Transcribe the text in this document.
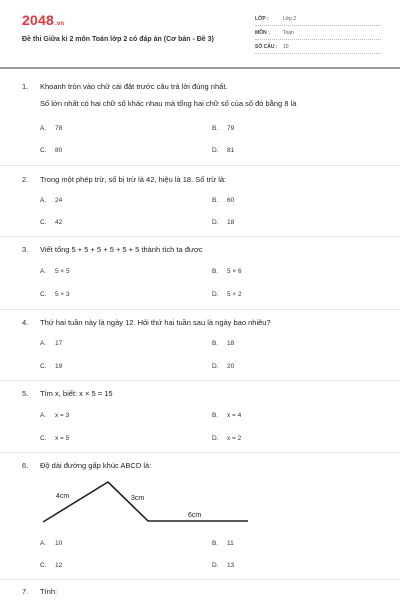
2048.vn
Đề thi Giữa kì 2 môn Toán lớp 2 có đáp án (Cơ bản - Đề 3)
LỚP :	Lớp 2
MÔN :	Toán
SỐ CÂU : 10
1. Khoanh tròn vào chữ cái đặt trước câu trả lời đúng nhất.
Số lớn nhất có hai chữ số khác nhau mà tổng hai chữ số của số đó bằng 8 là
A. 78	B. 79
C. 80	D. 81
2. Trong một phép trừ, số bị trừ là 42, hiệu là 18. Số trừ là:
A. 24	B. 60
C. 42	D. 18
3. Viết tổng 5 + 5 + 5 + 5 + 5 + 5 thành tích ta được
A. 5 × 5	B. 5 × 6
C. 5 × 3	D. 5 × 2
4. Thứ hai tuần này là ngày 12. Hỏi thứ hai tuần sau là ngày bao nhiêu?
A. 17	B. 18
C. 19	D. 20
5. Tìm x, biết: x × 5 = 15
A. x = 3	B. x = 4
C. x = 5	D. x = 2
6. Độ dài đường gấp khúc ABCD là:
4cm	3cm
6cm
A. 10	B. 11
C. 12	D. 13
7. Tính:
